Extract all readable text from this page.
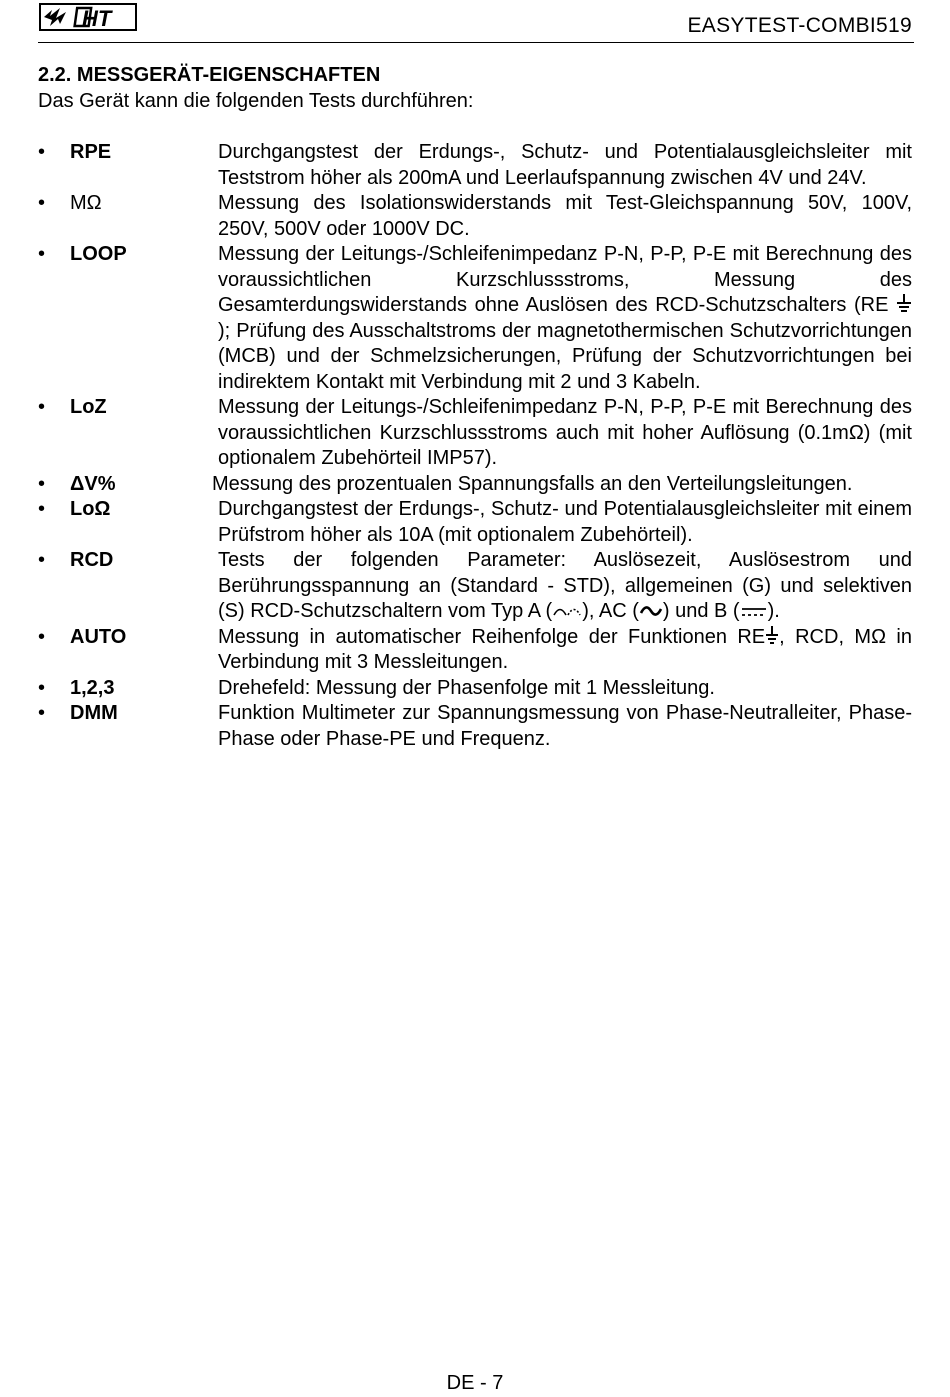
HT	EASYTEST-COMBI519
2.2. MESSGERÄT-EIGENSCHAFTEN
Das Gerät kann die folgenden Tests durchführen:
• RPE	Durchgangstest der Erdungs-, Schutz- und Potentialausgleichsleiter mit Teststrom höher als 200mA und Leerlaufspannung zwischen 4V und 24V.
• MΩ	Messung des Isolationswiderstands mit Test-Gleichspannung 50V, 100V, 250V, 500V oder 1000V DC.
• LOOP	Messung der Leitungs-/Schleifenimpedanz P-N, P-P, P-E mit Berechnung des voraussichtlichen Kurzschlussstroms, Messung des Gesamterdungswiderstands ohne Auslösen des RCD-Schutzschalters (RE  ); Prüfung des Ausschaltstroms der magnetothermischen Schutzvorrichtungen (MCB) und der Schmelzsicherungen, Prüfung der Schutzvorrichtungen bei indirektem Kontakt mit Verbindung mit 2 und 3 Kabeln.
• LoZ	Messung der Leitungs-/Schleifenimpedanz P-N, P-P, P-E mit Berechnung des voraussichtlichen Kurzschlussstroms auch mit hoher Auflösung (0.1mΩ) (mit optionalem Zubehörteil IMP57).
• ΔV%	Messung des prozentualen Spannungsfalls an den Verteilungsleitungen.
• LoΩ	Durchgangstest der Erdungs-, Schutz- und Potentialausgleichsleiter mit einem Prüfstrom höher als 10A (mit optionalem Zubehörteil).
• RCD	Tests der folgenden Parameter: Auslösezeit, Auslösestrom und Berührungsspannung an (Standard - STD), allgemeinen (G) und selektiven (S) RCD-Schutzschaltern vom Typ A ( ), AC ( ) und B ( ).
• AUTO	Messung in automatischer Reihenfolge der Funktionen RE , RCD, MΩ in Verbindung mit 3 Messleitungen.
• 1,2,3	Drehefeld: Messung der Phasenfolge mit 1 Messleitung.
• DMM	Funktion Multimeter zur Spannungsmessung von Phase-Neutralleiter, Phase-Phase oder Phase-PE und Frequenz.
DE - 7
